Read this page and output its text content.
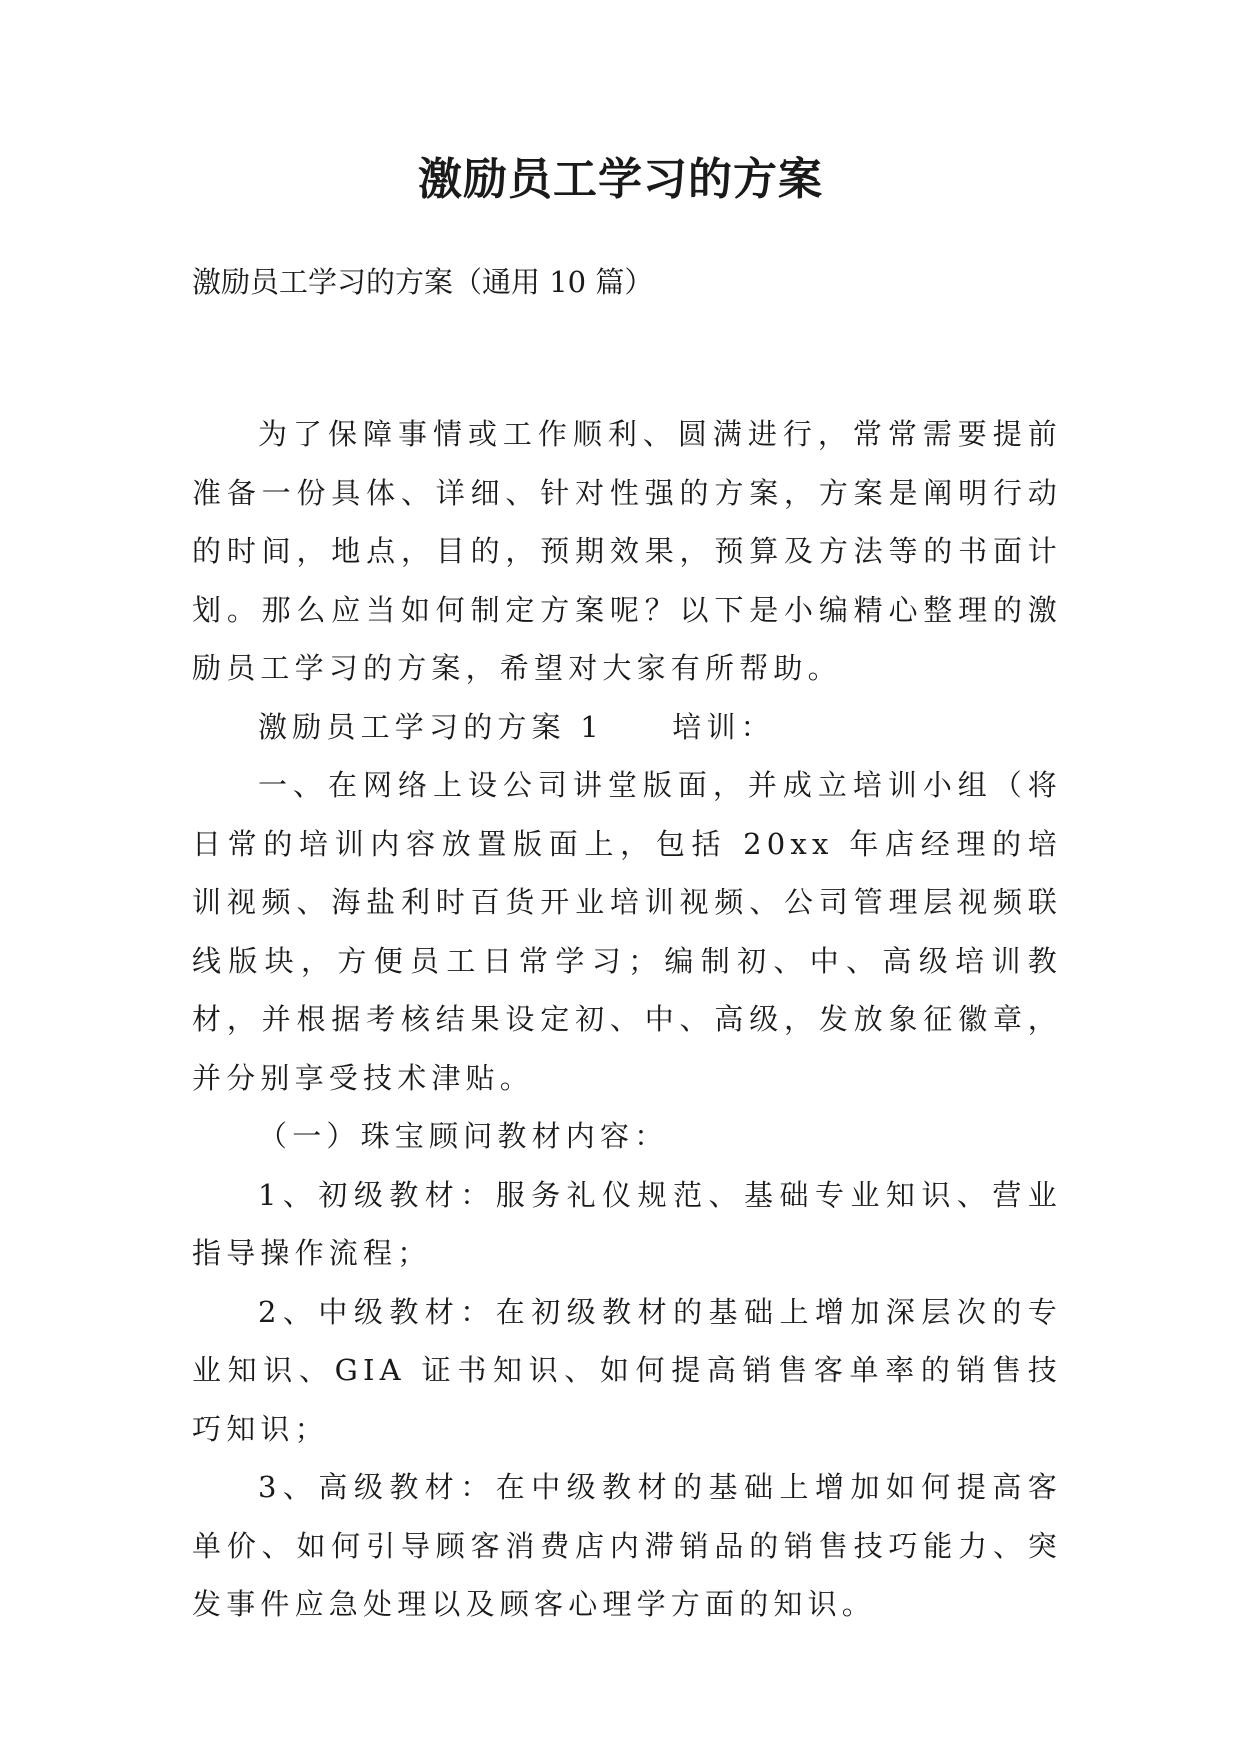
激励员工学习的方案

激励员工学习的方案（通用 10 篇）

为了保障事情或工作顺利、圆满进行，常常需要提前准备一份具体、详细、针对性强的方案，方案是阐明行动的时间，地点，目的，预期效果，预算及方法等的书面计划。那么应当如何制定方案呢？以下是小编精心整理的激励员工学习的方案，希望对大家有所帮助。

激励员工学习的方案 1　　培训：

一、在网络上设公司讲堂版面，并成立培训小组（将日常的培训内容放置版面上，包括 20xx 年店经理的培训视频、海盐利时百货开业培训视频、公司管理层视频联线版块，方便员工日常学习；编制初、中、高级培训教材，并根据考核结果设定初、中、高级，发放象征徽章，并分别享受技术津贴。

（一）珠宝顾问教材内容：

1、初级教材：服务礼仪规范、基础专业知识、营业指导操作流程；

2、中级教材：在初级教材的基础上增加深层次的专业知识、GIA 证书知识、如何提高销售客单率的销售技巧知识；

3、高级教材：在中级教材的基础上增加如何提高客单价、如何引导顾客消费店内滞销品的销售技巧能力、突发事件应急处理以及顾客心理学方面的知识。
